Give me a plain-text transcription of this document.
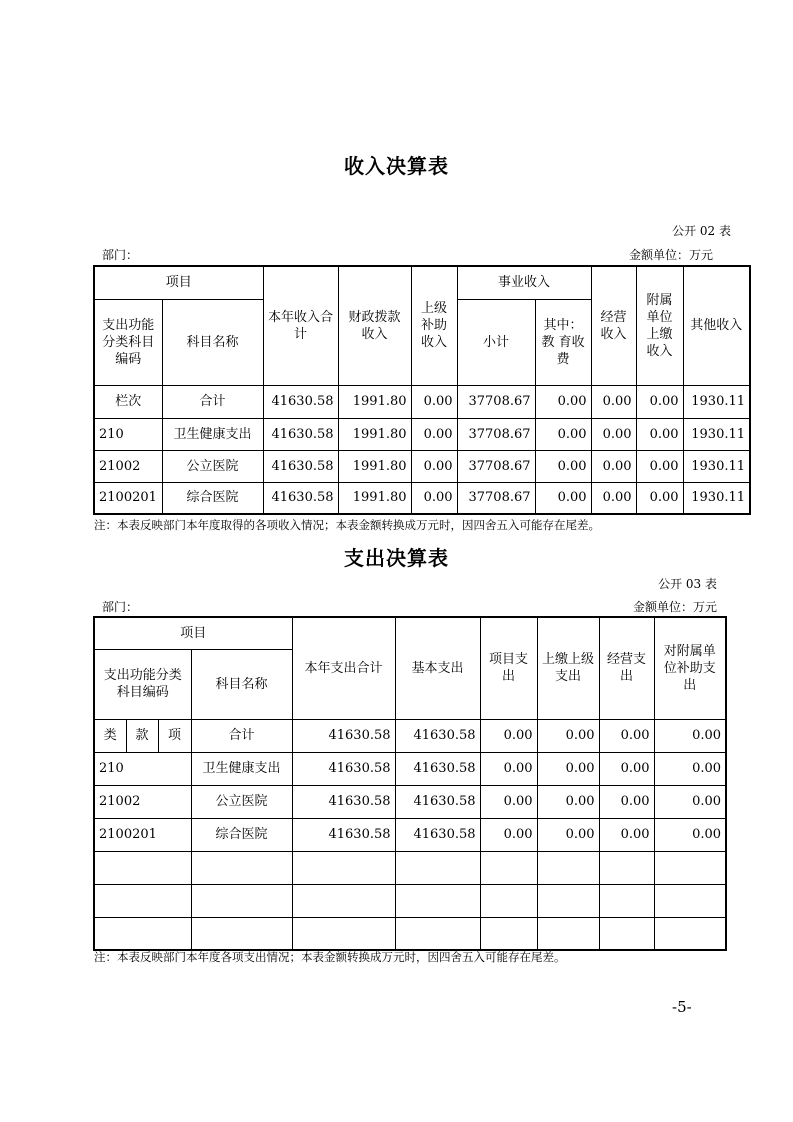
收入决算表
公开 02 表
部门：	金额单位：万元
项目		本年收入合计	财政拨款收入	上级补助收入	事业收入		经营收入	附属单位上缴收入	其他收入
支出功能分类科目编码	科目名称				小计	其中：教 育收 费			

栏次	合计	41630.58	1991.80	0.00	37708.67	0.00	0.00	0.00	1930.11
210	卫生健康支出	41630.58	1991.80	0.00	37708.67	0.00	0.00	0.00	1930.11
21002	公立医院	41630.58	1991.80	0.00	37708.67	0.00	0.00	0.00	1930.11
2100201	综合医院	41630.58	1991.80	0.00	37708.67	0.00	0.00	0.00	1930.11
注：本表反映部门本年度取得的各项收入情况；本表金额转换成万元时，因四舍五入可能存在尾差。
支出决算表
公开 03 表
部门：	金额单位：万元
项目				本年支出合计	基本支出	项目支出	上缴上级支出	经营支出	对附属单位补助支出
支出功能分类科目编码			科目名称						
类	款	项	合计	41630.58	41630.58	0.00	0.00	0.00	0.00
210			卫生健康支出	41630.58	41630.58	0.00	0.00	0.00	0.00
21002			公立医院	41630.58	41630.58	0.00	0.00	0.00	0.00
2100201			综合医院	41630.58	41630.58	0.00	0.00	0.00	0.00

注：本表反映部门本年度各项支出情况；本表金额转换成万元时，因四舍五入可能存在尾差。
-5-
